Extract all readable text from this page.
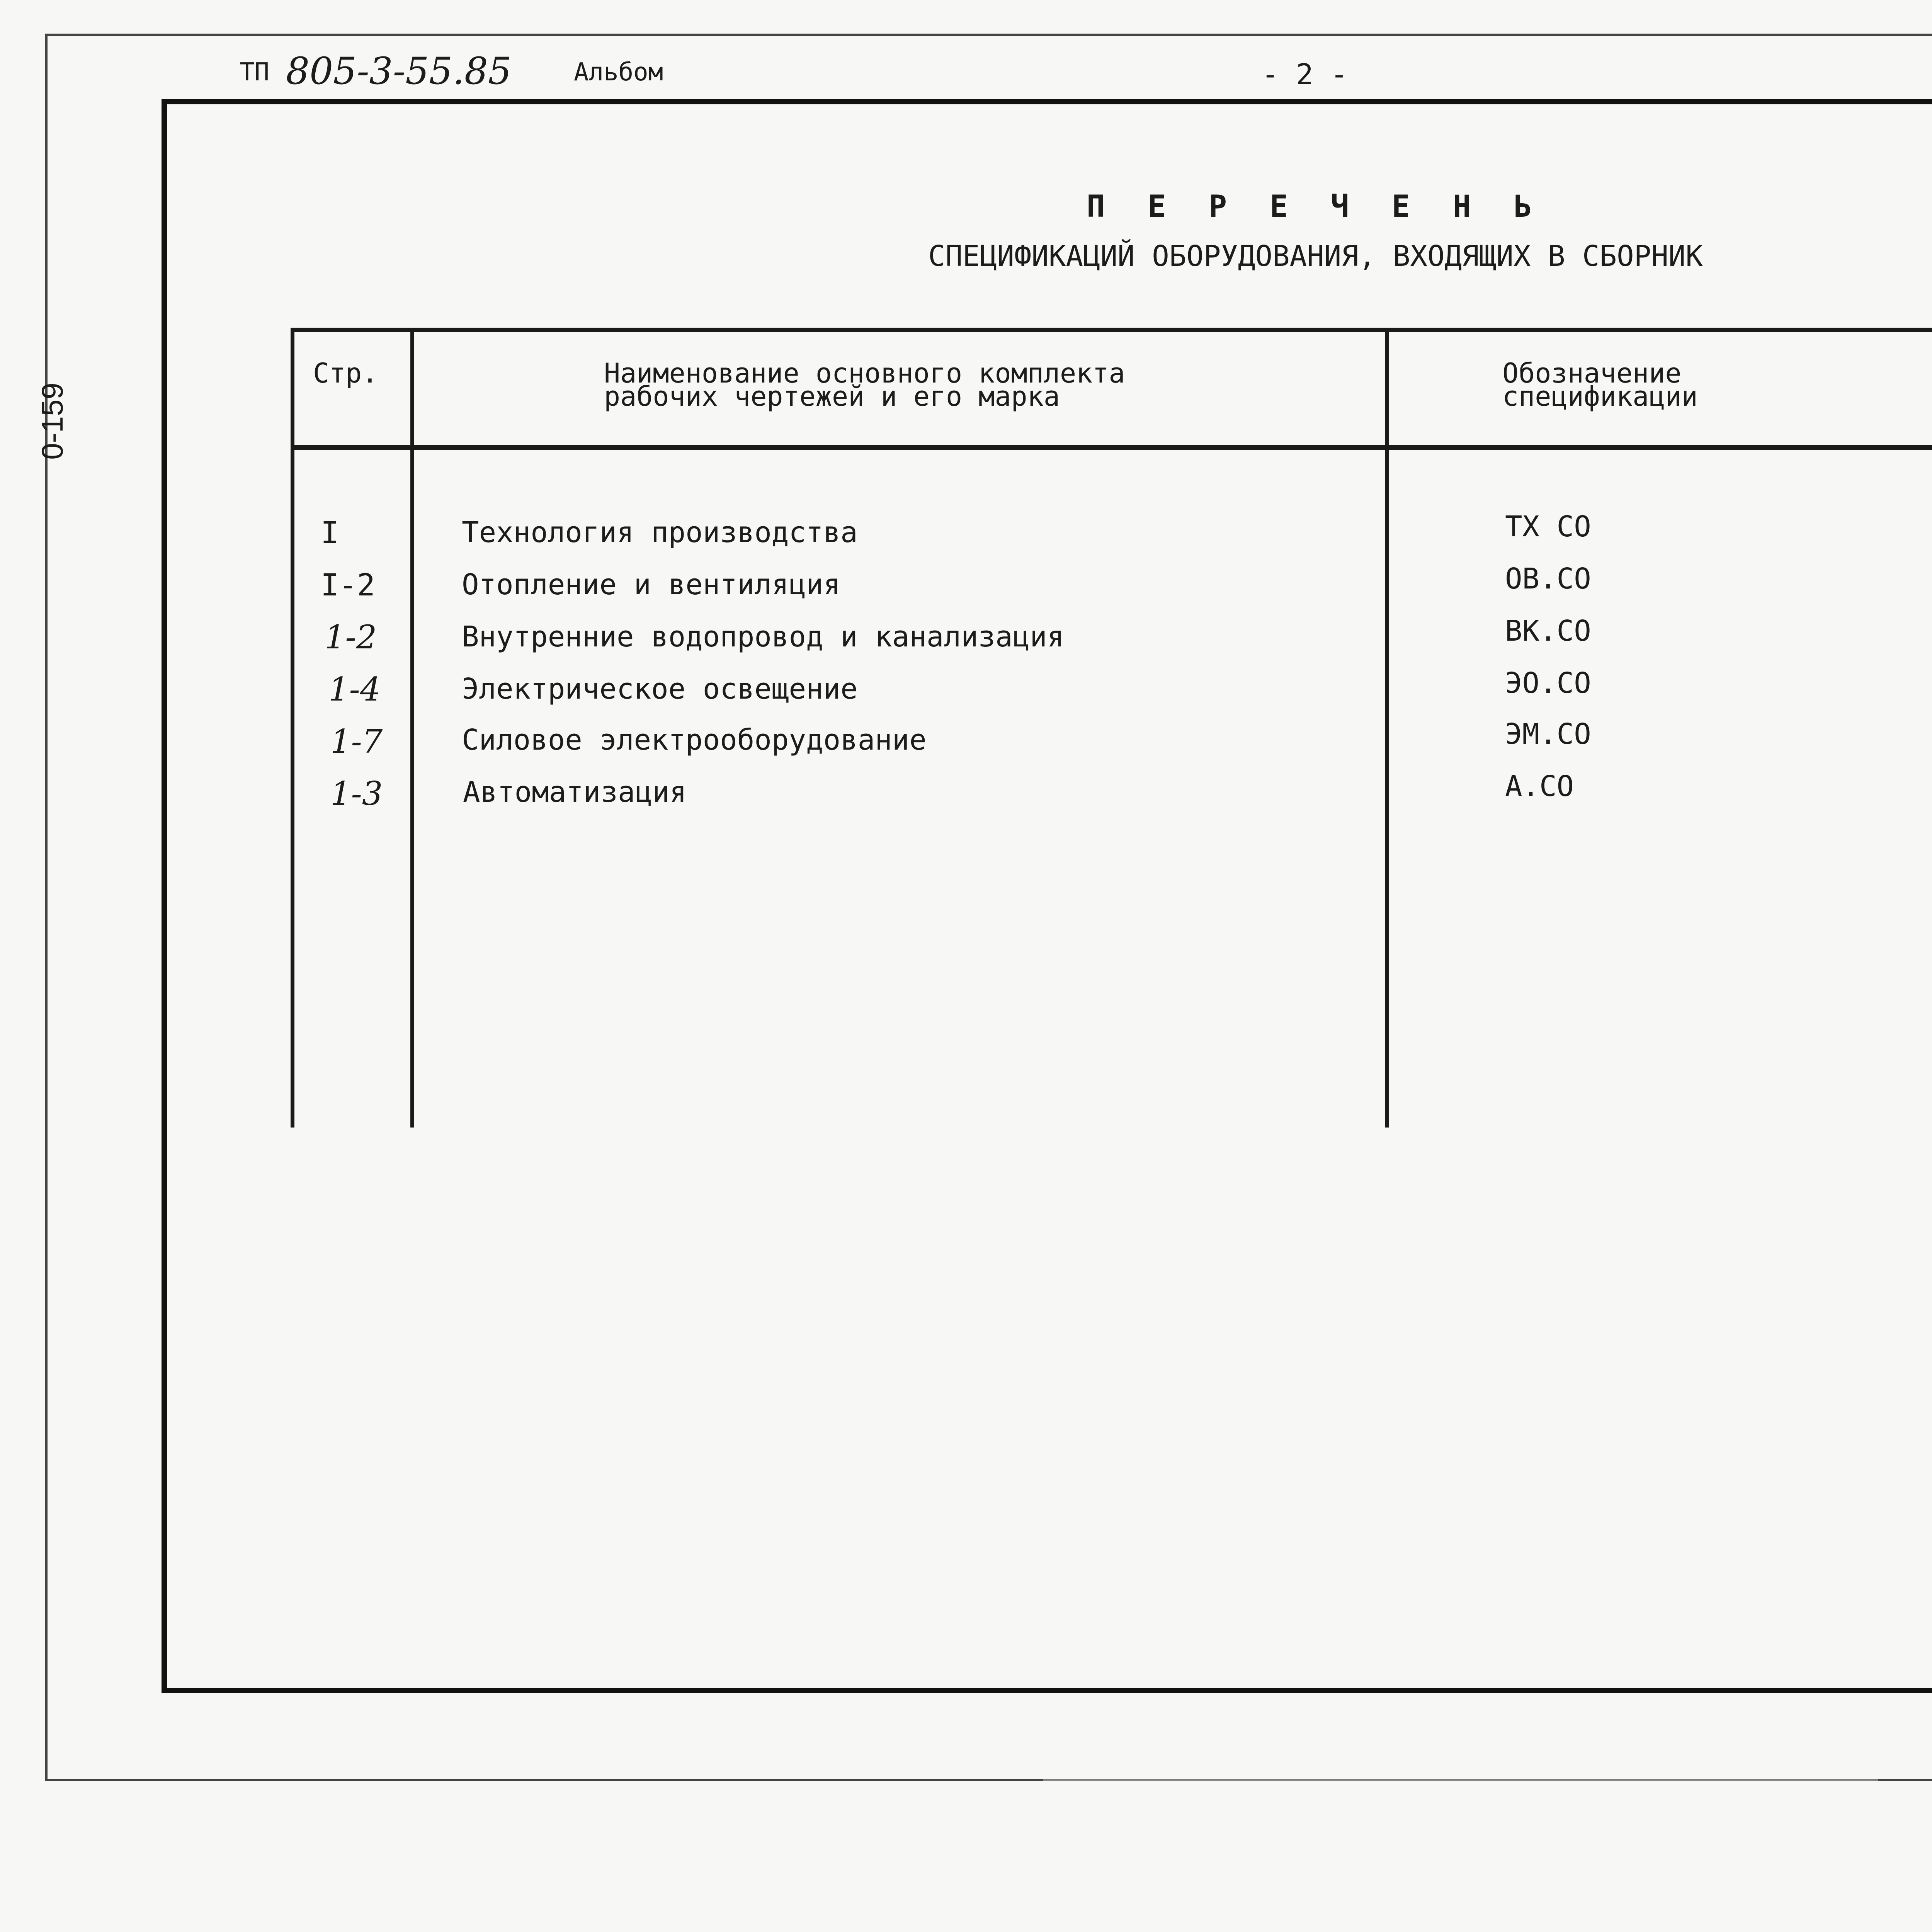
ТП 805-3-55.85	Альбом	- 2 -
0-159
П Е Р Е Ч Е Н Ь
СПЕЦИФИКАЦИЙ ОБОРУДОВАНИЯ, ВХОДЯЩИХ В СБОРНИК
Стр.	Наименование основного комплекта
рабочих чертежей и его марка
Обозначение
спецификации
I	Технология производства	ТХ СО
I-2	Отопление и вентиляция	ОВ.СО
1-2	Внутренние водопровод и канализация	ВК.СО
1-4	Электрическое освещение	ЭО.СО
1-7	Силовое электрооборудование	ЭМ.СО
1-3	Автоматизация	А.СО
